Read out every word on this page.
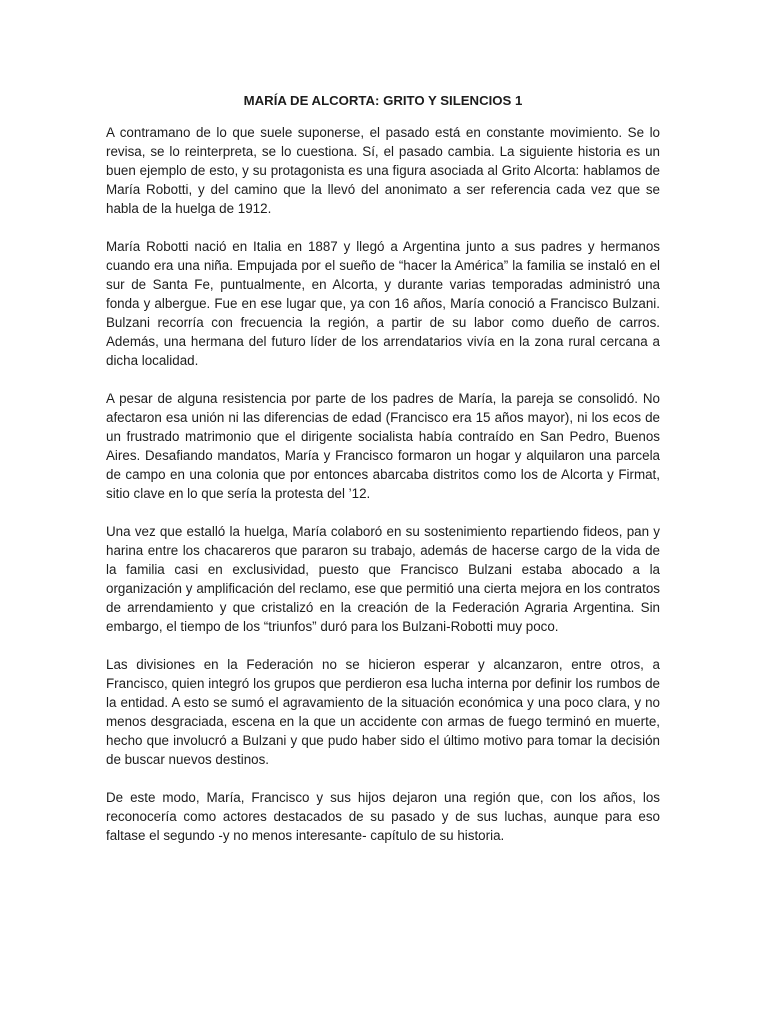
MARÍA DE ALCORTA: GRITO Y SILENCIOS 1

A contramano de lo que suele suponerse, el pasado está en constante movimiento. Se lo revisa, se lo reinterpreta, se lo cuestiona. Sí, el pasado cambia. La siguiente historia es un buen ejemplo de esto, y su protagonista es una figura asociada al Grito Alcorta: hablamos de María Robotti, y del camino que la llevó del anonimato a ser referencia cada vez que se habla de la huelga de 1912.

María Robotti nació en Italia en 1887 y llegó a Argentina junto a sus padres y hermanos cuando era una niña. Empujada por el sueño de “hacer la América” la familia se instaló en el sur de Santa Fe, puntualmente, en Alcorta, y durante varias temporadas administró una fonda y albergue. Fue en ese lugar que, ya con 16 años, María conoció a Francisco Bulzani. Bulzani recorría con frecuencia la región, a partir de su labor como dueño de carros. Además, una hermana del futuro líder de los arrendatarios vivía en la zona rural cercana a dicha localidad.

A pesar de alguna resistencia por parte de los padres de María, la pareja se consolidó. No afectaron esa unión ni las diferencias de edad (Francisco era 15 años mayor), ni los ecos de un frustrado matrimonio que el dirigente socialista había contraído en San Pedro, Buenos Aires. Desafiando mandatos, María y Francisco formaron un hogar y alquilaron una parcela de campo en una colonia que por entonces abarcaba distritos como los de Alcorta y Firmat, sitio clave en lo que sería la protesta del ’12.

Una vez que estalló la huelga, María colaboró en su sostenimiento repartiendo fideos, pan y harina entre los chacareros que pararon su trabajo, además de hacerse cargo de la vida de la familia casi en exclusividad, puesto que Francisco Bulzani estaba abocado a la organización y amplificación del reclamo, ese que permitió una cierta mejora en los contratos de arrendamiento y que cristalizó en la creación de la Federación Agraria Argentina. Sin embargo, el tiempo de los “triunfos” duró para los Bulzani-Robotti muy poco.

Las divisiones en la Federación no se hicieron esperar y alcanzaron, entre otros, a Francisco, quien integró los grupos que perdieron esa lucha interna por definir los rumbos de la entidad. A esto se sumó el agravamiento de la situación económica y una poco clara, y no menos desgraciada, escena en la que un accidente con armas de fuego terminó en muerte, hecho que involucró a Bulzani y que pudo haber sido el último motivo para tomar la decisión de buscar nuevos destinos.

De este modo, María, Francisco y sus hijos dejaron una región que, con los años, los reconocería como actores destacados de su pasado y de sus luchas, aunque para eso faltase el segundo -y no menos interesante- capítulo de su historia.
